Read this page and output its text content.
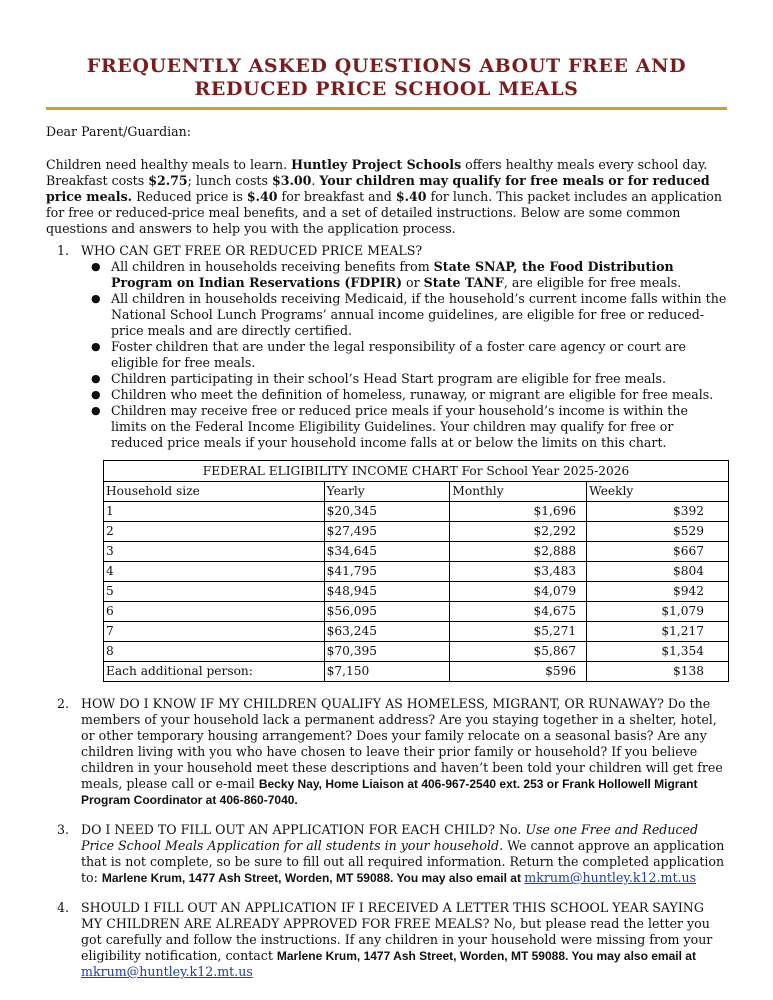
FREQUENTLY ASKED QUESTIONS ABOUT FREE AND
REDUCED PRICE SCHOOL MEALS
Dear Parent/Guardian:
Children need healthy meals to learn. Huntley Project Schools offers healthy meals every school day. Breakfast costs $2.75; lunch costs $3.00. Your children may qualify for free meals or for reduced price meals. Reduced price is $.40 for breakfast and $.40 for lunch. This packet includes an application for free or reduced-price meal benefits, and a set of detailed instructions. Below are some common questions and answers to help you with the application process.
1. WHO CAN GET FREE OR REDUCED PRICE MEALS?
● All children in households receiving benefits from State SNAP, the Food Distribution Program on Indian Reservations (FDPIR) or State TANF, are eligible for free meals.
● All children in households receiving Medicaid, if the household’s current income falls within the National School Lunch Programs’ annual income guidelines, are eligible for free or reduced-price meals and are directly certified.
● Foster children that are under the legal responsibility of a foster care agency or court are eligible for free meals.
● Children participating in their school’s Head Start program are eligible for free meals.
● Children who meet the definition of homeless, runaway, or migrant are eligible for free meals.
● Children may receive free or reduced price meals if your household’s income is within the limits on the Federal Income Eligibility Guidelines. Your children may qualify for free or reduced price meals if your household income falls at or below the limits on this chart.
FEDERAL ELIGIBILITY INCOME CHART For School Year 2025-2026			
Household size	Yearly	Monthly	Weekly
1	$20,345	$1,696	$392
2	$27,495	$2,292	$529
3	$34,645	$2,888	$667
4	$41,795	$3,483	$804
5	$48,945	$4,079	$942
6	$56,095	$4,675	$1,079
7	$63,245	$5,271	$1,217
8	$70,395	$5,867	$1,354
Each additional person:	$7,150	$596	$138
2. HOW DO I KNOW IF MY CHILDREN QUALIFY AS HOMELESS, MIGRANT, OR RUNAWAY? Do the members of your household lack a permanent address? Are you staying together in a shelter, hotel, or other temporary housing arrangement? Does your family relocate on a seasonal basis? Are any children living with you who have chosen to leave their prior family or household? If you believe children in your household meet these descriptions and haven’t been told your children will get free meals, please call or e-mail Becky Nay, Home Liaison at 406-967-2540 ext. 253 or Frank Hollowell Migrant Program Coordinator at 406-860-7040.
3. DO I NEED TO FILL OUT AN APPLICATION FOR EACH CHILD? No. Use one Free and Reduced Price School Meals Application for all students in your household. We cannot approve an application that is not complete, so be sure to fill out all required information. Return the completed application to: Marlene Krum, 1477 Ash Street, Worden, MT 59088. You may also email at mkrum@huntley.k12.mt.us
4. SHOULD I FILL OUT AN APPLICATION IF I RECEIVED A LETTER THIS SCHOOL YEAR SAYING MY CHILDREN ARE ALREADY APPROVED FOR FREE MEALS? No, but please read the letter you got carefully and follow the instructions. If any children in your household were missing from your eligibility notification, contact Marlene Krum, 1477 Ash Street, Worden, MT 59088. You may also email at mkrum@huntley.k12.mt.us
